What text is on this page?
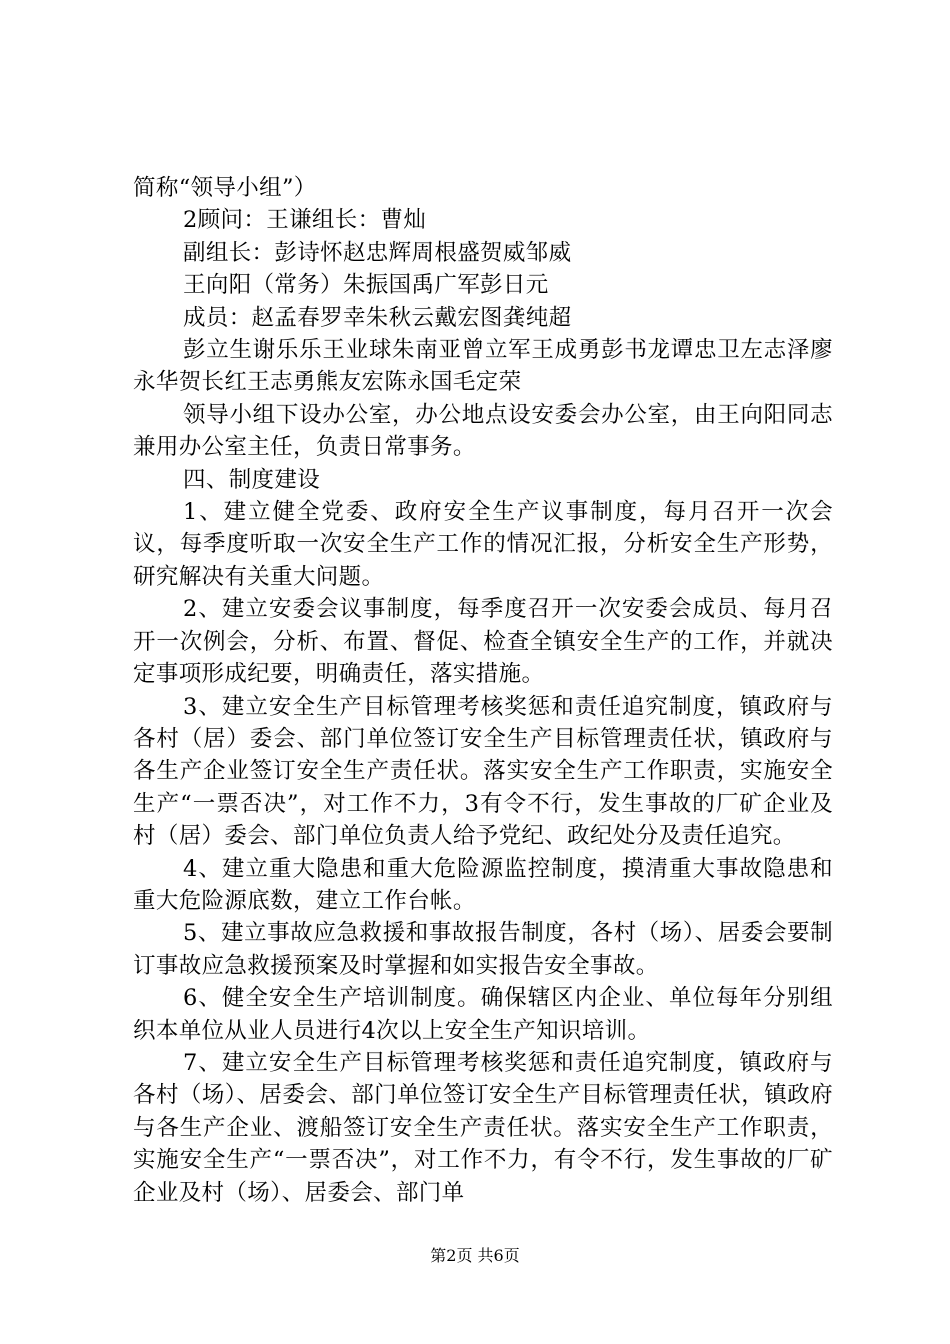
简称“领导小组”）

2顾问：王谦组长：曹灿

副组长：彭诗怀赵忠辉周根盛贺威邹威

王向阳（常务）朱振国禹广军彭日元

成员：赵孟春罗幸朱秋云戴宏图龚纯超

彭立生谢乐乐王业球朱南亚曾立军王成勇彭书龙谭忠卫左志泽廖永华贺长红王志勇熊友宏陈永国毛定荣

领导小组下设办公室，办公地点设安委会办公室，由王向阳同志兼用办公室主任，负责日常事务。

四、制度建设

1、建立健全党委、政府安全生产议事制度，每月召开一次会议，每季度听取一次安全生产工作的情况汇报，分析安全生产形势，研究解决有关重大问题。

2、建立安委会议事制度，每季度召开一次安委会成员、每月召开一次例会，分析、布置、督促、检查全镇安全生产的工作，并就决定事项形成纪要，明确责任，落实措施。

3、建立安全生产目标管理考核奖惩和责任追究制度，镇政府与各村（居）委会、部门单位签订安全生产目标管理责任状，镇政府与各生产企业签订安全生产责任状。落实安全生产工作职责，实施安全生产“一票否决”，对工作不力，3有令不行，发生事故的厂矿企业及村（居）委会、部门单位负责人给予党纪、政纪处分及责任追究。

4、建立重大隐患和重大危险源监控制度，摸清重大事故隐患和重大危险源底数，建立工作台帐。

5、建立事故应急救援和事故报告制度，各村（场）、居委会要制订事故应急救援预案及时掌握和如实报告安全事故。

6、健全安全生产培训制度。确保辖区内企业、单位每年分别组织本单位从业人员进行4次以上安全生产知识培训。

7、建立安全生产目标管理考核奖惩和责任追究制度，镇政府与各村（场）、居委会、部门单位签订安全生产目标管理责任状，镇政府与各生产企业、渡船签订安全生产责任状。落实安全生产工作职责，实施安全生产“一票否决”，对工作不力，有令不行，发生事故的厂矿企业及村（场）、居委会、部门单

第2页 共6页
